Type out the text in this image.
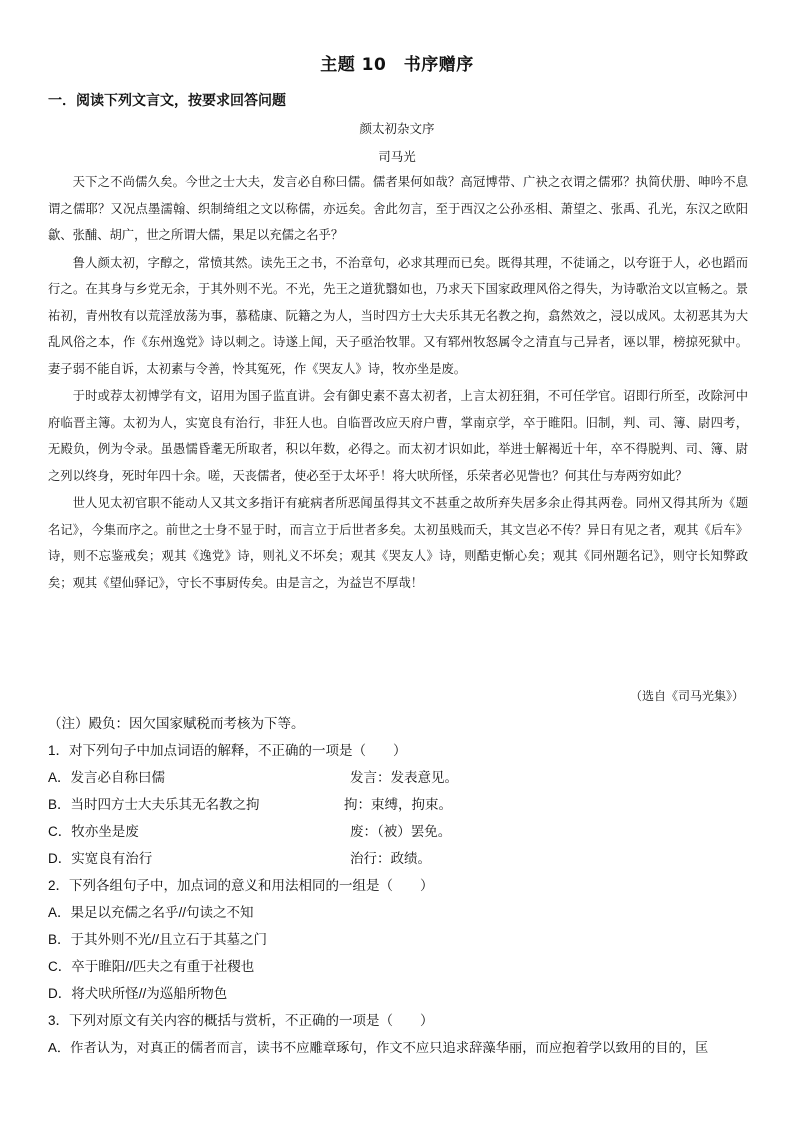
主题 10　书序赠序
一．阅读下列文言文，按要求回答问题
颜太初杂文序
司马光

天下之不尚儒久矣。今世之士大夫，发言必自称曰儒。儒者果何如哉？高冠博带、广袂之衣谓之儒邪？执简伏册、呻吟不息谓之儒耶？又况点墨濡翰、织制绮组之文以称儒，亦远矣。舍此勿言，至于西汉之公孙丞相、萧望之、张禹、孔光，东汉之欧阳歙、张酺、胡广，世之所谓大儒，果足以充儒之名乎？

鲁人颜太初，字醇之，常愤其然。读先王之书，不治章句，必求其理而已矣。既得其理，不徒诵之，以夸诳于人，必也蹈而行之。在其身与乡党无余，于其外则不光。不光，先王之道犹翳如也，乃求天下国家政理风俗之得失，为诗歌治文以宣畅之。景祐初，青州牧有以荒淫放荡为事，慕嵇康、阮籍之为人，当时四方士大夫乐其无名教之拘，翕然效之，浸以成风。太初恶其为大乱风俗之本，作《东州逸党》诗以刺之。诗遂上闻，天子亟治牧罪。又有郓州牧怒属令之清直与己异者，诬以罪，榜掠死狱中。妻子弱不能自诉，太初素与令善，怜其冤死，作《哭友人》诗，牧亦坐是废。

于时或荐太初博学有文，诏用为国子监直讲。会有御史素不喜太初者，上言太初狂狷，不可任学官。诏即行所至，改除河中府临晋主簿。太初为人，实宽良有治行，非狂人也。自临晋改应天府户曹，掌南京学，卒于睢阳。旧制，判、司、簿、尉四考，无殿负，例为令录。虽愚懦昏耄无所取者，积以年数，必得之。而太初才识如此，举进士解褐近十年，卒不得脱判、司、簿、尉之列以终身，死时年四十余。嗟，天丧儒者，使必至于太坏乎！将大吠所怪，乐荣者必见訾也？何其仕与寿两穷如此？

世人见太初官职不能动人又其文多指讦有疵病者所恶闻虽得其文不甚重之故所弃失居多余止得其两卷。同州又得其所为《题名记》，今集而序之。前世之士身不显于时，而言立于后世者多矣。太初虽贱而夭，其文岂必不传？异日有见之者，观其《后车》诗，则不忘鉴戒矣；观其《逸党》诗，则礼义不坏矣；观其《哭友人》诗，则酷吏惭心矣；观其《同州题名记》，则守长知弊政矣；观其《望仙驿记》，守长不事厨传矣。由是言之，为益岂不厚哉！

（选自《司马光集》）
（注）殿负：因欠国家赋税而考核为下等。
1．对下列句子中加点词语的解释，不正确的一项是（　　）
A．发言必自称曰儒	发言：发表意见。
B．当时四方士大夫乐其无名教之拘	拘：束缚，拘束。
C．牧亦坐是废	废：（被）罢免。
D．实宽良有治行	治行：政绩。
2．下列各组句子中，加点词的意义和用法相同的一组是（　　）
A．果足以充儒之名乎//句读之不知
B．于其外则不光//且立石于其墓之门
C．卒于睢阳//匹夫之有重于社稷也
D．将犬吠所怪//为巡船所物色
3．下列对原文有关内容的概括与赏析，不正确的一项是（　　）
A．作者认为，对真正的儒者而言，读书不应雕章琢句，作文不应只追求辞藻华丽，而应抱着学以致用的目的，匡
